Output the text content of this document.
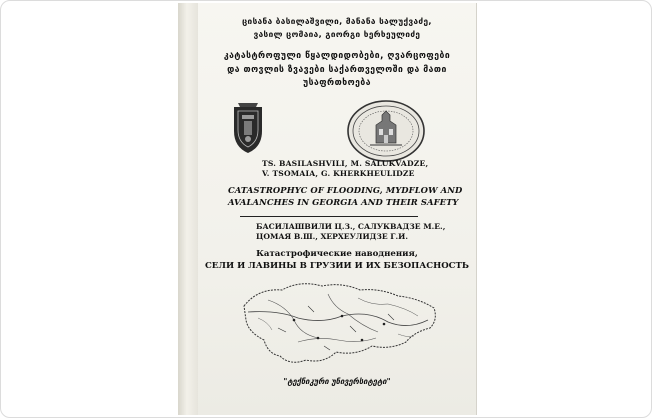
ცისანა ბასილაშვილი, მანანა სალუქვაძე,
ვასილ ცომაია, გიორგი ხერხეულიძე
კატასტროფული წყალდიდობები, ღვარცოფები
და თოვლის ზვავები საქართველოში და მათი
უსაფრთხოება
TS. BASILASHVILI, M. SALUKVADZE,
V. TSOMAIA, G. KHERKHEULIDZE
CATASTROPHYC OF FLOODING, MYDFLOW AND
AVALANCHES IN GEORGIA AND THEIR SAFETY
БАСИЛАШВИЛИ Ц.З., САЛУКВАДЗЕ М.Е.,
ЦОМАЯ В.Ш., ХЕРХЕУЛИДЗЕ Г.И.
Катастрофические наводнения,
СЕЛИ И ЛАВИНЫ В ГРУЗИИ И ИХ БЕЗОПАСНОСТЬ
"ტექნიკური უნივერსიტეტი"
